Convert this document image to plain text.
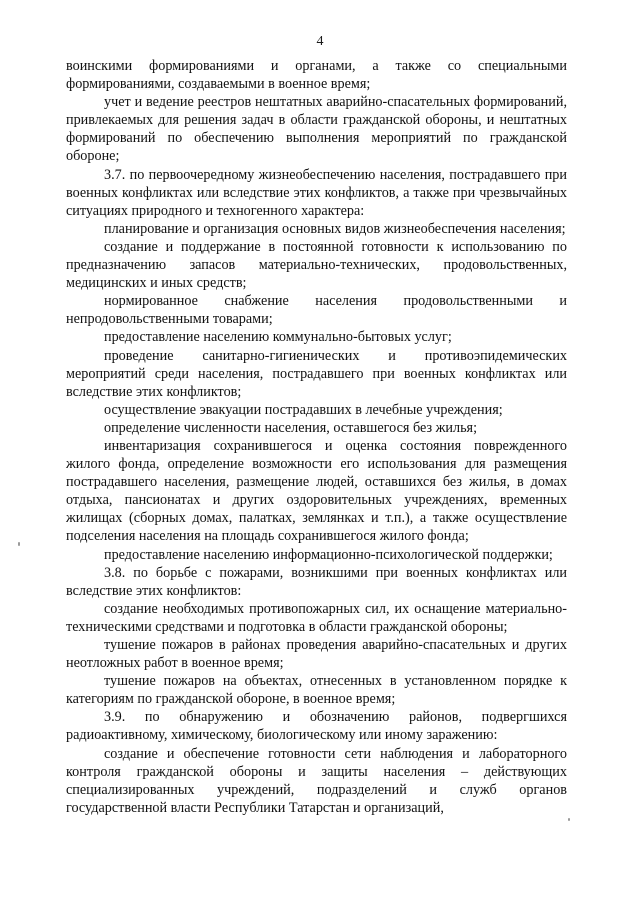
4

воинскими формированиями и органами, а также со специальными формированиями, создаваемыми в военное время;

учет и ведение реестров нештатных аварийно-спасательных формирований, привлекаемых для решения задач в области гражданской обороны, и нештатных формирований по обеспечению выполнения мероприятий по гражданской обороне;

3.7. по первоочередному жизнеобеспечению населения, пострадавшего при военных конфликтах или вследствие этих конфликтов, а также при чрезвычайных ситуациях природного и техногенного характера:

планирование и организация основных видов жизнеобеспечения населения;

создание и поддержание в постоянной готовности к использованию по предназначению запасов материально-технических, продовольственных, медицинских и иных средств;

нормированное снабжение населения продовольственными и непродовольственными товарами;

предоставление населению коммунально-бытовых услуг;

проведение санитарно-гигиенических и противоэпидемических мероприятий среди населения, пострадавшего при военных конфликтах или вследствие этих конфликтов;

осуществление эвакуации пострадавших в лечебные учреждения;

определение численности населения, оставшегося без жилья;

инвентаризация сохранившегося и оценка состояния поврежденного жилого фонда, определение возможности его использования для размещения пострадавшего населения, размещение людей, оставшихся без жилья, в домах отдыха, пансионатах и других оздоровительных учреждениях, временных жилищах (сборных домах, палатках, землянках и т.п.), а также осуществление подселения населения на площадь сохранившегося жилого фонда;

предоставление населению информационно-психологической поддержки;

3.8. по борьбе с пожарами, возникшими при военных конфликтах или вследствие этих конфликтов:

создание необходимых противопожарных сил, их оснащение материально-техническими средствами и подготовка в области гражданской обороны;

тушение пожаров в районах проведения аварийно-спасательных и других неотложных работ в военное время;

тушение пожаров на объектах, отнесенных в установленном порядке к категориям по гражданской обороне, в военное время;

3.9. по обнаружению и обозначению районов, подвергшихся радиоактивному, химическому, биологическому или иному заражению:

создание и обеспечение готовности сети наблюдения и лабораторного контроля гражданской обороны и защиты населения – действующих специализированных учреждений, подразделений и служб органов государственной власти Республики Татарстан и организаций,
